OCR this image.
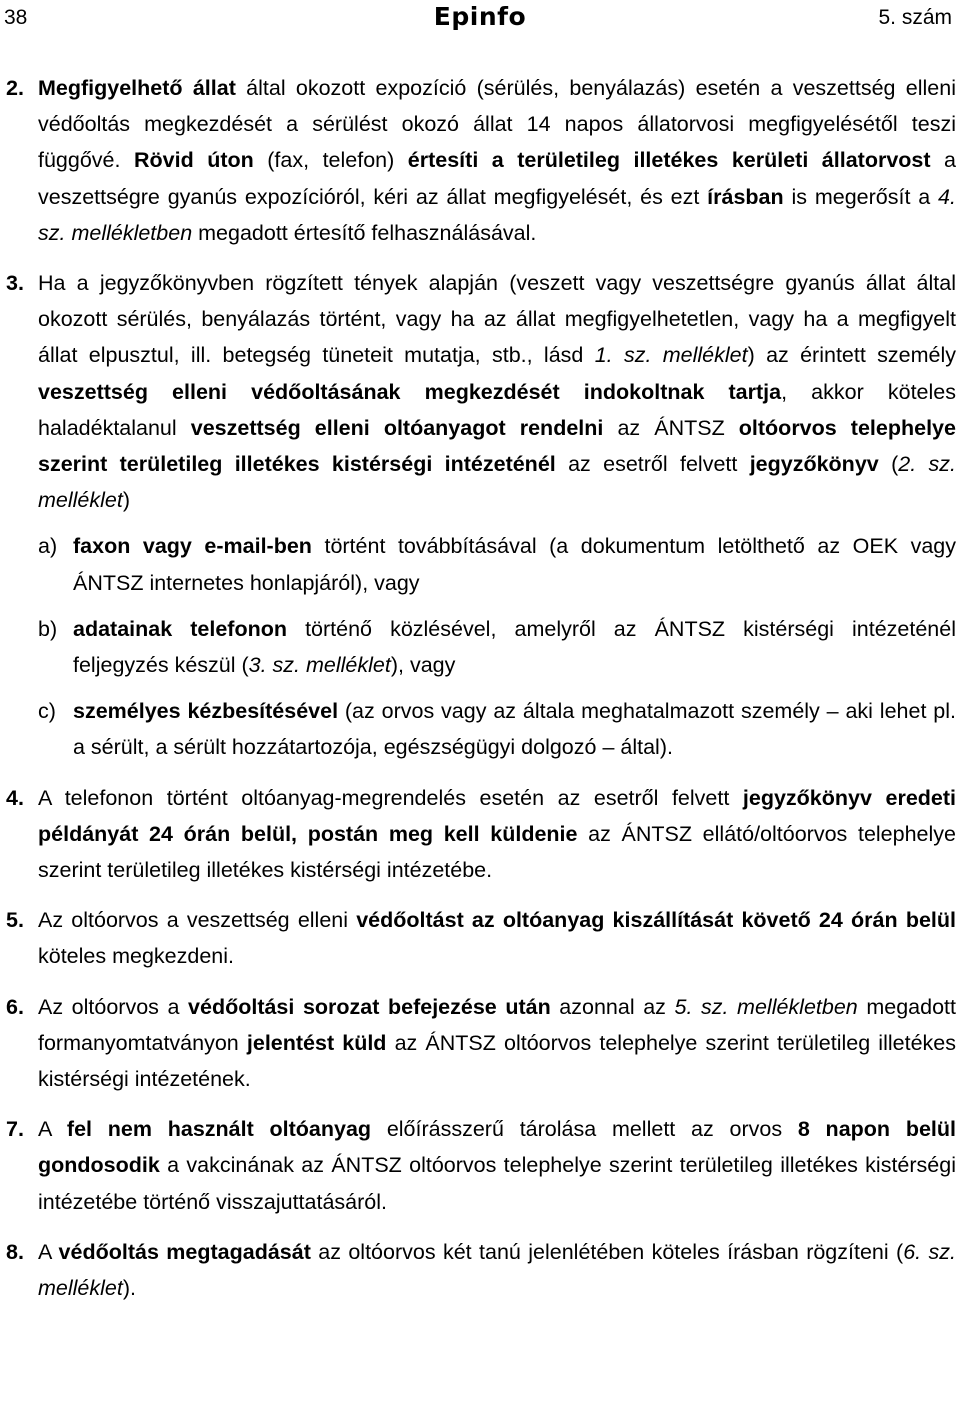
38	Epinfo	5. szám
2. Megfigyelhető állat által okozott expozíció (sérülés, benyálazás) esetén a veszettség elleni védőoltás megkezdését a sérülést okozó állat 14 napos állatorvosi megfigyelésétől teszi függővé. Rövid úton (fax, telefon) értesíti a területileg illetékes kerületi állatorvost a veszettségre gyanús expozícióról, kéri az állat megfigyelését, és ezt írásban is megerősít a 4. sz. mellékletben megadott értesítő felhasználásával.
3. Ha a jegyzőkönyvben rögzített tények alapján (veszett vagy veszettségre gyanús állat által okozott sérülés, benyálazás történt, vagy ha az állat megfigyelhetetlen, vagy ha a megfigyelt állat elpusztul, ill. betegség tüneteit mutatja, stb., lásd 1. sz. melléklet) az érintett személy veszettség elleni védőoltásának megkezdését indokoltnak tartja, akkor köteles haladéktalanul veszettség elleni oltóanyagot rendelni az ÁNTSZ oltóorvos telephelye szerint területileg illetékes kistérségi intézeténél az esetről felvett jegyzőkönyv (2. sz. melléklet)
a) faxon vagy e-mail-ben történt továbbításával (a dokumentum letölthető az OEK vagy ÁNTSZ internetes honlapjáról), vagy
b) adatainak telefonon történő közlésével, amelyről az ÁNTSZ kistérségi intézeténél feljegyzés készül (3. sz. melléklet), vagy
c) személyes kézbesítésével (az orvos vagy az általa meghatalmazott személy – aki lehet pl. a sérült, a sérült hozzátartozója, egészségügyi dolgozó – által).
4. A telefonon történt oltóanyag-megrendelés esetén az esetről felvett jegyzőkönyv eredeti példányát 24 órán belül, postán meg kell küldenie az ÁNTSZ ellátó/oltóorvos telephelye szerint területileg illetékes kistérségi intézetébe.
5. Az oltóorvos a veszettség elleni védőoltást az oltóanyag kiszállítását követő 24 órán belül köteles megkezdeni.
6. Az oltóorvos a védőoltási sorozat befejezése után azonnal az 5. sz. mellékletben megadott formanyomtatványon jelentést küld az ÁNTSZ oltóorvos telephelye szerint területileg illetékes kistérségi intézetének.
7. A fel nem használt oltóanyag előírásszerű tárolása mellett az orvos 8 napon belül gondosodik a vakcinának az ÁNTSZ oltóorvos telephelye szerint területileg illetékes kistérségi intézetébe történő visszajuttatásáról.
8. A védőoltás megtagadását az oltóorvos két tanú jelenlétében köteles írásban rögzíteni (6. sz. melléklet).
